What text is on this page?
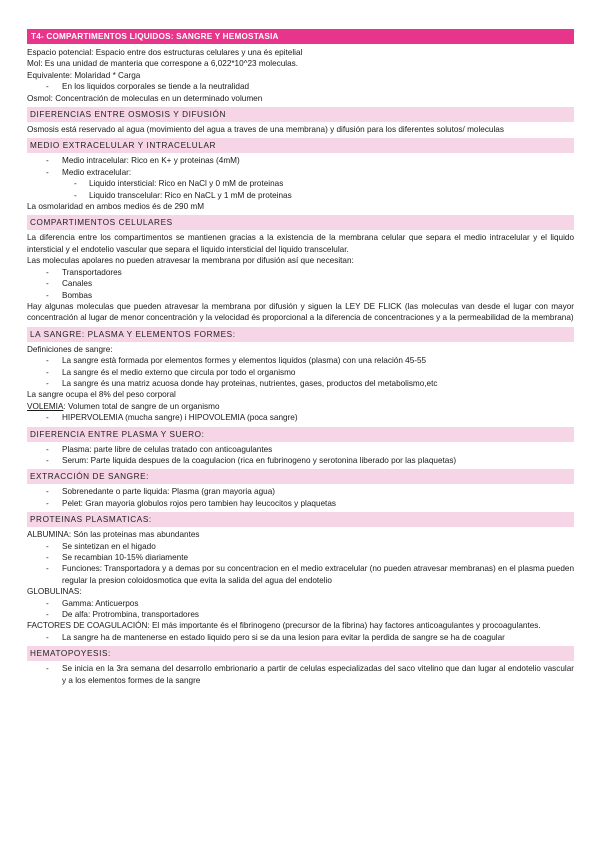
T4- COMPARTIMENTOS LIQUIDOS: SANGRE Y HEMOSTASIA

Espacio potencial: Espacio entre dos estructuras celulares y una és epitelial

Mol: Es una unidad de manteria que correspone a 6,022*10^23 moleculas.

Equivalente: Molaridad * Carga

- En los liquidos corporales se tiende a la neutralidad

Osmol: Concentración de moleculas en un determinado volumen

DIFERENCIAS ENTRE OSMOSIS Y DIFUSIÓN

Osmosis está reservado al agua (movimiento del agua a traves de una membrana) y difusión para los diferentes solutos/ moleculas

MEDIO EXTRACELULAR Y INTRACELULAR
- Medio intracelular: Rico en K+ y proteinas (4mM)
- Medio extracelular:
- Liquido intersticial: Rico en NaCl y 0 mM de proteinas
- Liquido transcelular: Rico en NaCL y 1 mM de proteinas

La osmolaridad en ambos medios és de 290 mM

COMPARTIMENTOS CELULARES

La diferencia entre los compartimentos se mantienen gracias a la existencia de la membrana celular que separa el medio intracelular y el liquido intersticial y el endotelio vascular que separa el liquido intersticial del liquido transcelular.

Las moleculas apolares no pueden atravesar la membrana por difusión así que necesitan:

- Transportadores
- Canales
- Bombas

Hay algunas moleculas que pueden atravesar la membrana por difusión y siguen la LEY DE FLICK (las moleculas van desde el lugar con mayor concentración al lugar de menor concentración y la velocidad és proporcional a la diferencia de concentraciones y a la permeabilidad de la membrana)

LA SANGRE: PLASMA Y ELEMENTOS FORMES:

Definiciones de sangre:

- La sangre està formada por elementos formes y elementos liquidos (plasma) con una relación 45-55
- La sangre és el medio externo que circula por todo el organismo
- La sangre és una matriz acuosa donde hay proteinas, nutrientes, gases, productos del metabolismo,etc

La sangre ocupa el 8% del peso corporal

VOLEMIA: Volumen total de sangre de un organismo

- HIPERVOLEMIA (mucha sangre) i HIPOVOLEMIA (poca sangre)
DIFERENCIA ENTRE PLASMA Y SUERO:
- Plasma: parte libre de celulas tratado con anticoagulantes
- Serum: Parte liquida despues de la coagulacion (rica en fubrinogeno y serotonina liberado por las plaquetas)
EXTRACCIÓN DE SANGRE:
- Sobrenedante o parte liquida: Plasma (gran mayoria agua)
- Pelet: Gran mayoria globulos rojos pero tambien hay leucocitos y plaquetas
PROTEINAS PLASMATICAS:

ALBUMINA: Són las proteinas mas abundantes

- Se sintetizan en el higado
- Se recambian 10-15% diariamente
- Funciones: Transportadora y a demas por su concentracion en el medio extracelular (no pueden atravesar membranas) en el plasma pueden regular la presion coloidosmotica que evita la salida del agua del endotelio

GLOBULINAS:

- Gamma: Anticuerpos
- De alfa: Protrombina, transportadores

FACTORES DE COAGULACIÓN: El más importante és el fibrinogeno (precursor de la fibrina) hay factores anticoagulantes y procoagulantes.

- La sangre ha de mantenerse en estado liquido pero si se da una lesion para evitar la perdida de sangre se ha de coagular
HEMATOPOYESIS:
- Se inicia en la 3ra semana del desarrollo embrionario a partir de celulas especializadas del saco vitelino que dan lugar al endotelio vascular y a los elementos formes de la sangre
